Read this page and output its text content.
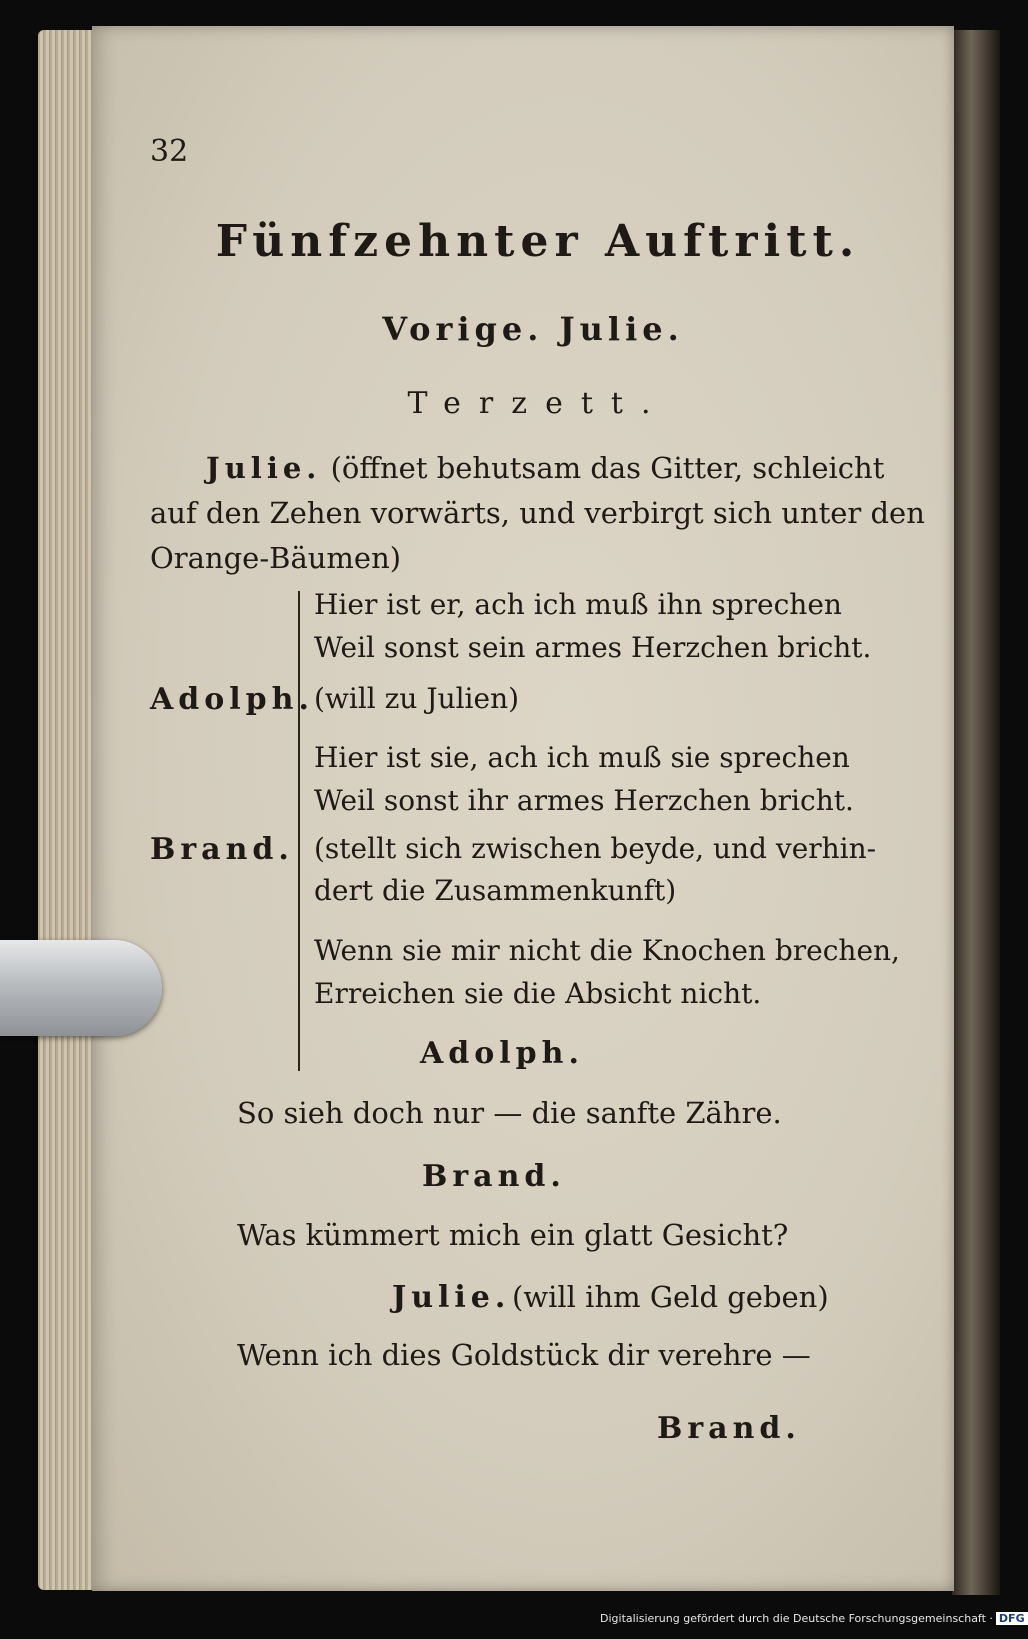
32
Fünfzehnter Auftritt.
Vorige. Julie.
Terzett.
Julie. (öffnet behutsam das Gitter, schleicht auf den Zehen vorwärts, und verbirgt sich unter den Orange-Bäumen)
Hier ist er, ach ich muß ihn sprechen
Weil sonst sein armes Herzchen bricht.
Adolph. (will zu Julien)
Hier ist sie, ach ich muß sie sprechen
Weil sonst ihr armes Herzchen bricht.
Brand. (stellt sich zwischen beyde, und verhin-
dert die Zusammenkunft)
Wenn sie mir nicht die Knochen brechen,
Erreichen sie die Absicht nicht.
Adolph.
So sieh doch nur — die sanfte Zähre.
Brand.
Was kümmert mich ein glatt Gesicht?
Julie. (will ihm Geld geben)
Wenn ich dies Goldstück dir verehre —
Brand.
Digitalisierung gefördert durch die Deutsche Forschungsgemeinschaft · DFG
